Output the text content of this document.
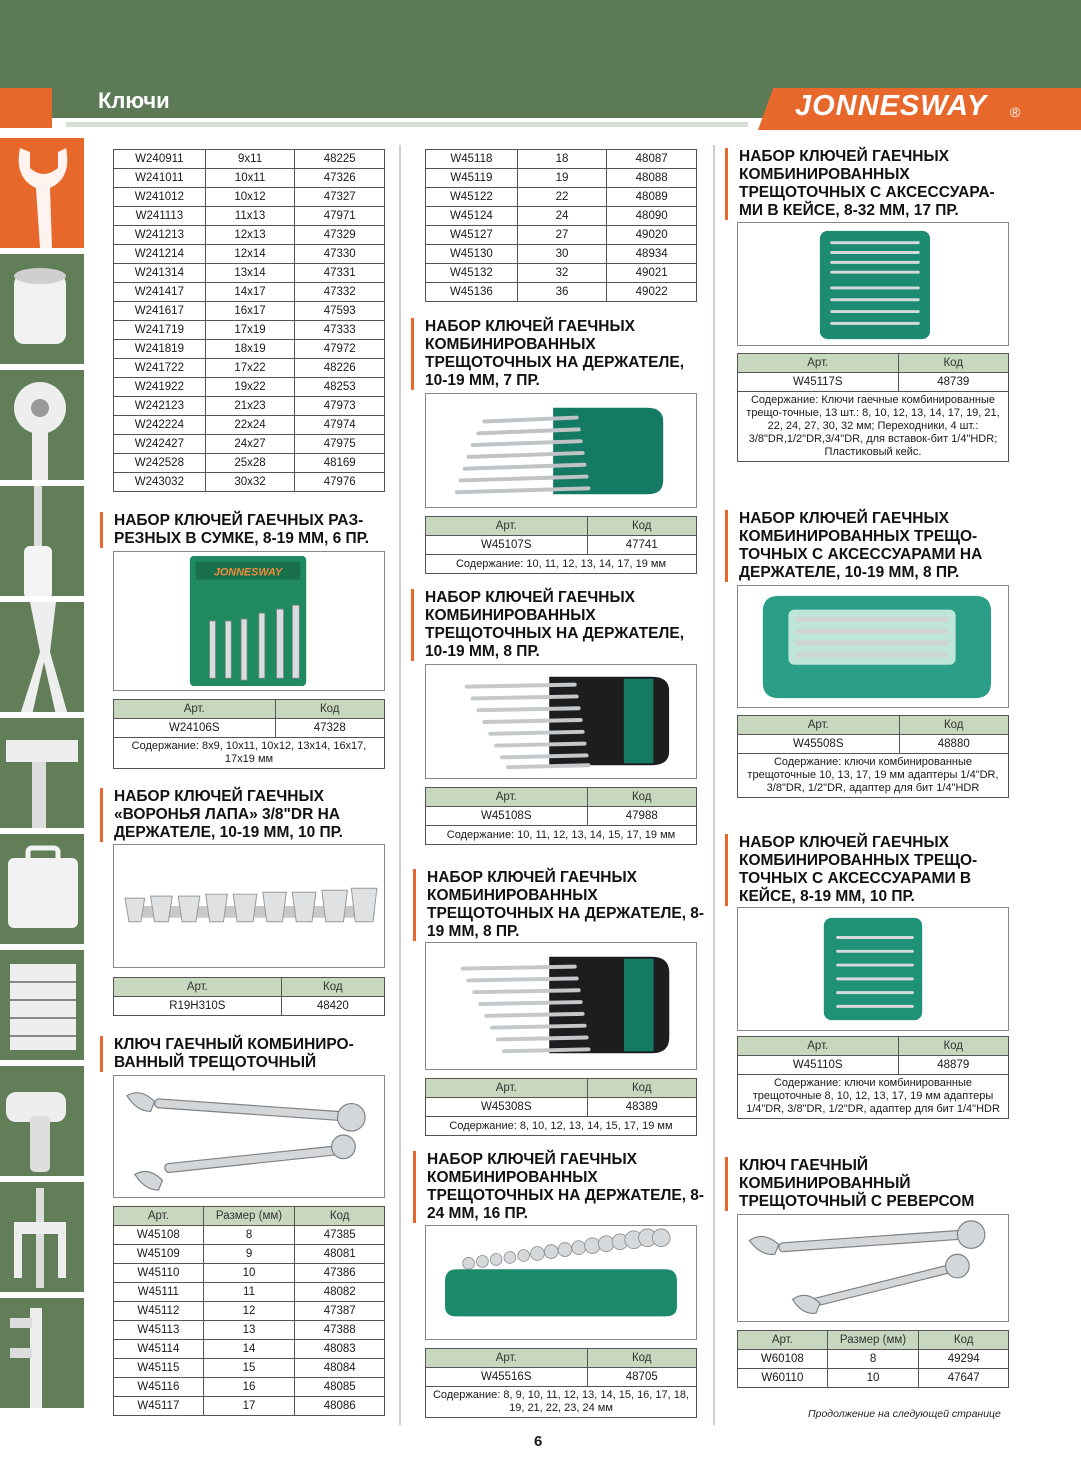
Ключи	JONNESWAY ®
W240911	9x11	48225
W241011	10x11	47326
W241012	10x12	47327
W241113	11x13	47971
W241213	12x13	47329
W241214	12x14	47330
W241314	13x14	47331
W241417	14x17	47332
W241617	16x17	47593
W241719	17x19	47333
W241819	18x19	47972
W241722	17x22	48226
W241922	19x22	48253
W242123	21x23	47973
W242224	22x24	47974
W242427	24x27	47975
W242528	25x28	48169
W243032	30x32	47976
НАБОР КЛЮЧЕЙ ГАЕЧНЫХ РАЗ-РЕЗНЫХ В СУМКЕ, 8-19 ММ, 6 ПР.
JONNESWAY
Арт.	Код
W24106S	47328
Содержание: 8x9, 10x11, 10x12, 13x14, 16x17, 17x19 мм	
НАБОР КЛЮЧЕЙ ГАЕЧНЫХ «ВОРОНЬЯ ЛАПА» 3/8"DR НА ДЕРЖАТЕЛЕ, 10-19 ММ, 10 ПР.
Арт.	Код
R19H310S	48420
КЛЮЧ ГАЕЧНЫЙ КОМБИНИРО-ВАННЫЙ ТРЕЩОТОЧНЫЙ
Арт.	Размер (мм)	Код
W45108	8	47385
W45109	9	48081
W45110	10	47386
W45111	11	48082
W45112	12	47387
W45113	13	47388
W45114	14	48083
W45115	15	48084
W45116	16	48085
W45117	17	48086
W45118	18	48087
W45119	19	48088
W45122	22	48089
W45124	24	48090
W45127	27	49020
W45130	30	48934
W45132	32	49021
W45136	36	49022
НАБОР КЛЮЧЕЙ ГАЕЧНЫХ КОМБИНИРОВАННЫХ ТРЕЩОТОЧНЫХ НА ДЕРЖАТЕЛЕ, 10-19 ММ, 7 ПР.
Арт.	Код
W45107S	47741
Содержание: 10, 11, 12, 13, 14, 17, 19 мм	
НАБОР КЛЮЧЕЙ ГАЕЧНЫХ КОМБИНИРОВАННЫХ ТРЕЩОТОЧНЫХ НА ДЕРЖАТЕЛЕ, 10-19 ММ, 8 ПР.
Арт.	Код
W45108S	47988
Содержание: 10, 11, 12, 13, 14, 15, 17, 19 мм	
НАБОР КЛЮЧЕЙ ГАЕЧНЫХ КОМБИНИРОВАННЫХ ТРЕЩОТОЧНЫХ НА ДЕРЖАТЕЛЕ, 8-19 ММ, 8 ПР.
Арт.	Код
W45308S	48389
Содержание: 8, 10, 12, 13, 14, 15, 17, 19 мм	
НАБОР КЛЮЧЕЙ ГАЕЧНЫХ КОМБИНИРОВАННЫХ ТРЕЩОТОЧНЫХ НА ДЕРЖАТЕЛЕ, 8-24 ММ, 16 ПР.
Арт.	Код
W45516S	48705
Содержание: 8, 9, 10, 11, 12, 13, 14, 15, 16, 17, 18, 19, 21, 22, 23, 24 мм	
НАБОР КЛЮЧЕЙ ГАЕЧНЫХ КОМБИНИРОВАННЫХ ТРЕЩОТОЧНЫХ С АКСЕССУАРА-МИ В КЕЙСЕ, 8-32 ММ, 17 ПР.
Арт.	Код
W45117S	48739
Содержание: Ключи гаечные комбинированные трещо-точные, 13 шт.: 8, 10, 12, 13, 14, 17, 19, 21, 22, 24, 27, 30, 32 мм; Переходники, 4 шт.: 3/8"DR,1/2"DR,3/4"DR, для вставок-бит 1/4"HDR; Пластиковый кейс.	
НАБОР КЛЮЧЕЙ ГАЕЧНЫХ КОМБИНИРОВАННЫХ ТРЕЩО-ТОЧНЫХ С АКСЕССУАРАМИ НА ДЕРЖАТЕЛЕ, 10-19 ММ, 8 ПР.
Арт.	Код
W45508S	48880
Содержание: ключи комбинированные трещоточные 10, 13, 17, 19 мм адаптеры 1/4"DR, 3/8"DR, 1/2"DR, адаптер для бит 1/4"HDR	
НАБОР КЛЮЧЕЙ ГАЕЧНЫХ КОМБИНИРОВАННЫХ ТРЕЩО-ТОЧНЫХ С АКСЕССУАРАМИ В КЕЙСЕ, 8-19 ММ, 10 ПР.
Арт.	Код
W45110S	48879
Содержание: ключи комбинированные трещоточные 8, 10, 12, 13, 17, 19 мм адаптеры 1/4"DR, 3/8"DR, 1/2"DR, адаптер для бит 1/4"HDR	
КЛЮЧ ГАЕЧНЫЙ КОМБИНИРОВАННЫЙ ТРЕЩОТОЧНЫЙ С РЕВЕРСОМ
Арт.	Размер (мм)	Код
W60108	8	49294
W60110	10	47647
Продолжение на следующей странице
6
